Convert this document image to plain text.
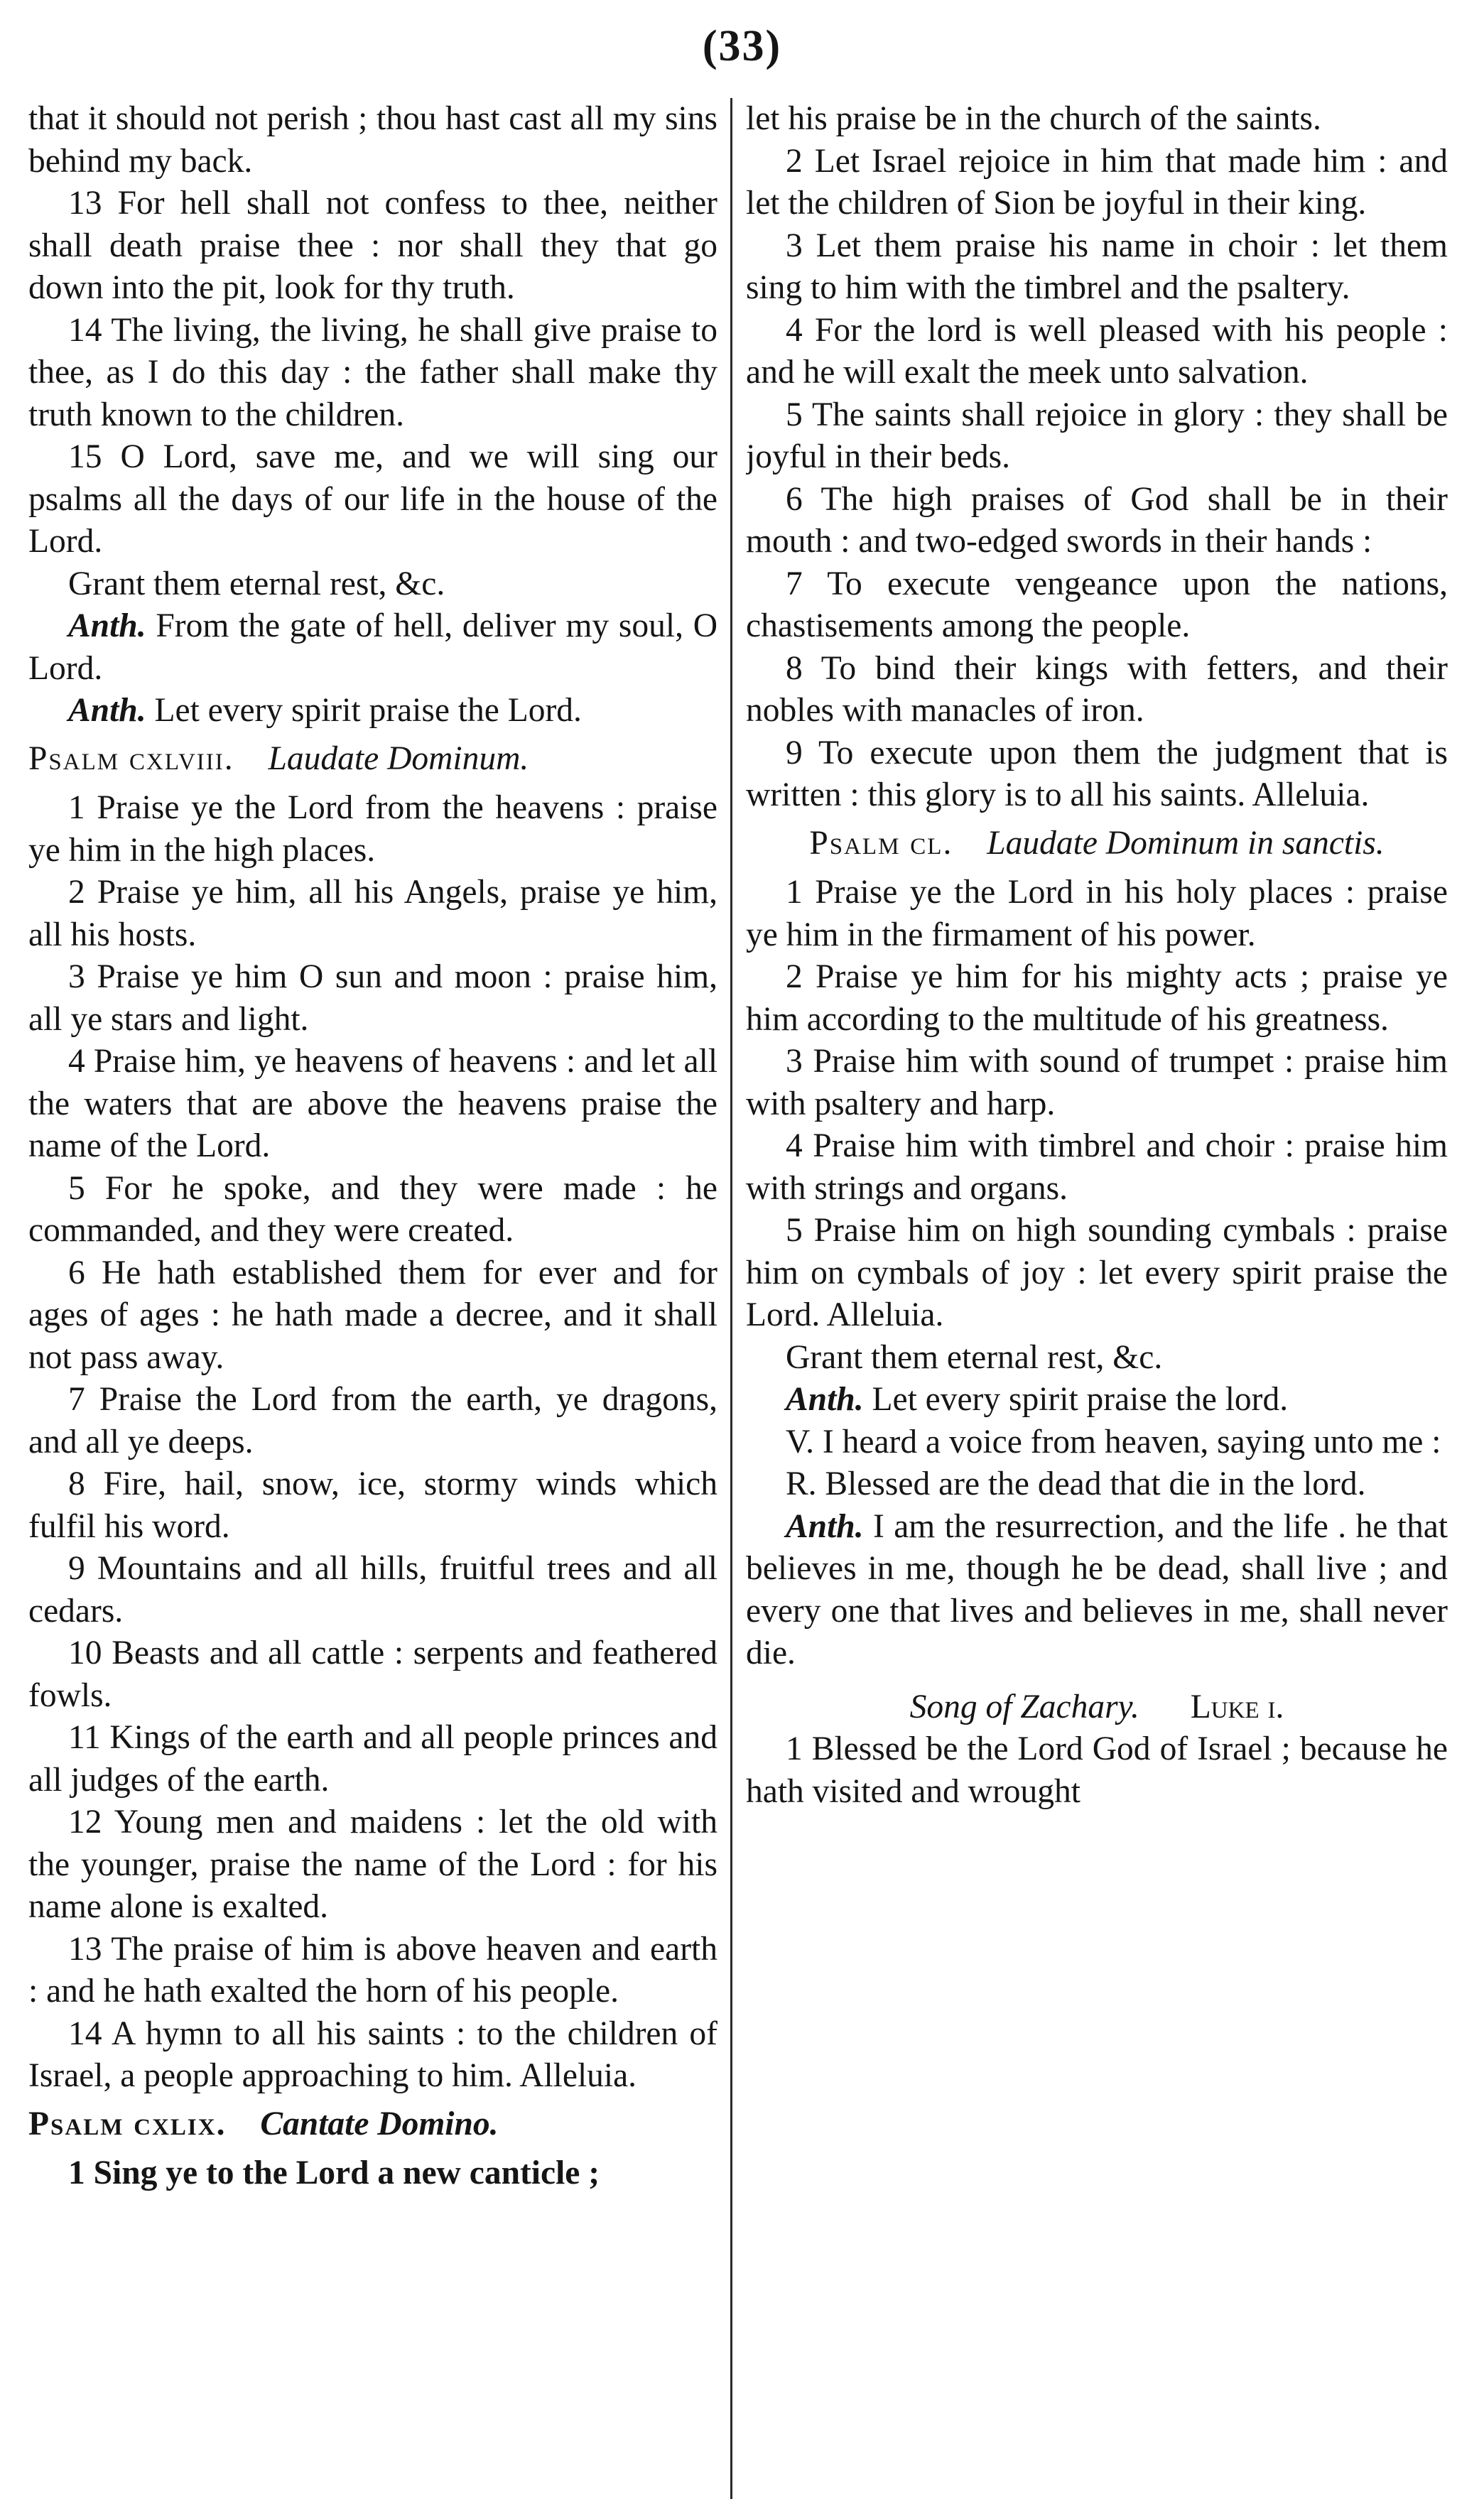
(33)

that it should not perish ; thou hast cast all my sins behind my back.

13 For hell shall not confess to thee, neither shall death praise thee : nor shall they that go down into the pit, look for thy truth.

14 The living, the living, he shall give praise to thee, as I do this day : the father shall make thy truth known to the children.

15 O Lord, save me, and we will sing our psalms all the days of our life in the house of the Lord.

Grant them eternal rest, &c.

Anth. From the gate of hell, deliver my soul, O Lord.

Anth. Let every spirit praise the Lord.

Psalm cxlviii. Laudate Dominum.

1 Praise ye the Lord from the heavens : praise ye him in the high places.

2 Praise ye him, all his Angels, praise ye him, all his hosts.

3 Praise ye him O sun and moon : praise him, all ye stars and light.

4 Praise him, ye heavens of heavens : and let all the waters that are above the heavens praise the name of the Lord.

5 For he spoke, and they were made : he commanded, and they were created.

6 He hath established them for ever and for ages of ages : he hath made a decree, and it shall not pass away.

7 Praise the Lord from the earth, ye dragons, and all ye deeps.

8 Fire, hail, snow, ice, stormy winds which fulfil his word.

9 Mountains and all hills, fruitful trees and all cedars.

10 Beasts and all cattle : serpents and feathered fowls.

11 Kings of the earth and all people princes and all judges of the earth.

12 Young men and maidens : let the old with the younger, praise the name of the Lord : for his name alone is exalted.

13 The praise of him is above heaven and earth : and he hath exalted the horn of his people.

14 A hymn to all his saints : to the children of Israel, a people approaching to him. Alleluia.

Psalm cxlix. Cantate Domino.

1 Sing ye to the Lord a new canticle ;

let his praise be in the church of the saints.

2 Let Israel rejoice in him that made him : and let the children of Sion be joyful in their king.

3 Let them praise his name in choir : let them sing to him with the timbrel and the psaltery.

4 For the lord is well pleased with his people : and he will exalt the meek unto salvation.

5 The saints shall rejoice in glory : they shall be joyful in their beds.

6 The high praises of God shall be in their mouth : and two-edged swords in their hands :

7 To execute vengeance upon the nations, chastisements among the people.

8 To bind their kings with fetters, and their nobles with manacles of iron.

9 To execute upon them the judgment that is written : this glory is to all his saints. Alleluia.

Psalm cl. Laudate Dominum in sanctis.

1 Praise ye the Lord in his holy places : praise ye him in the firmament of his power.

2 Praise ye him for his mighty acts ; praise ye him according to the multitude of his greatness.

3 Praise him with sound of trumpet : praise him with psaltery and harp.

4 Praise him with timbrel and choir : praise him with strings and organs.

5 Praise him on high sounding cymbals : praise him on cymbals of joy : let every spirit praise the Lord. Alleluia.

Grant them eternal rest, &c.

Anth. Let every spirit praise the lord.

V. I heard a voice from heaven, saying unto me :

R. Blessed are the dead that die in the lord.

Anth. I am the resurrection, and the life . he that believes in me, though he be dead, shall live ; and every one that lives and believes in me, shall never die.

Song of Zachary. Luke i.

1 Blessed be the Lord God of Israel ; because he hath visited and wrought
